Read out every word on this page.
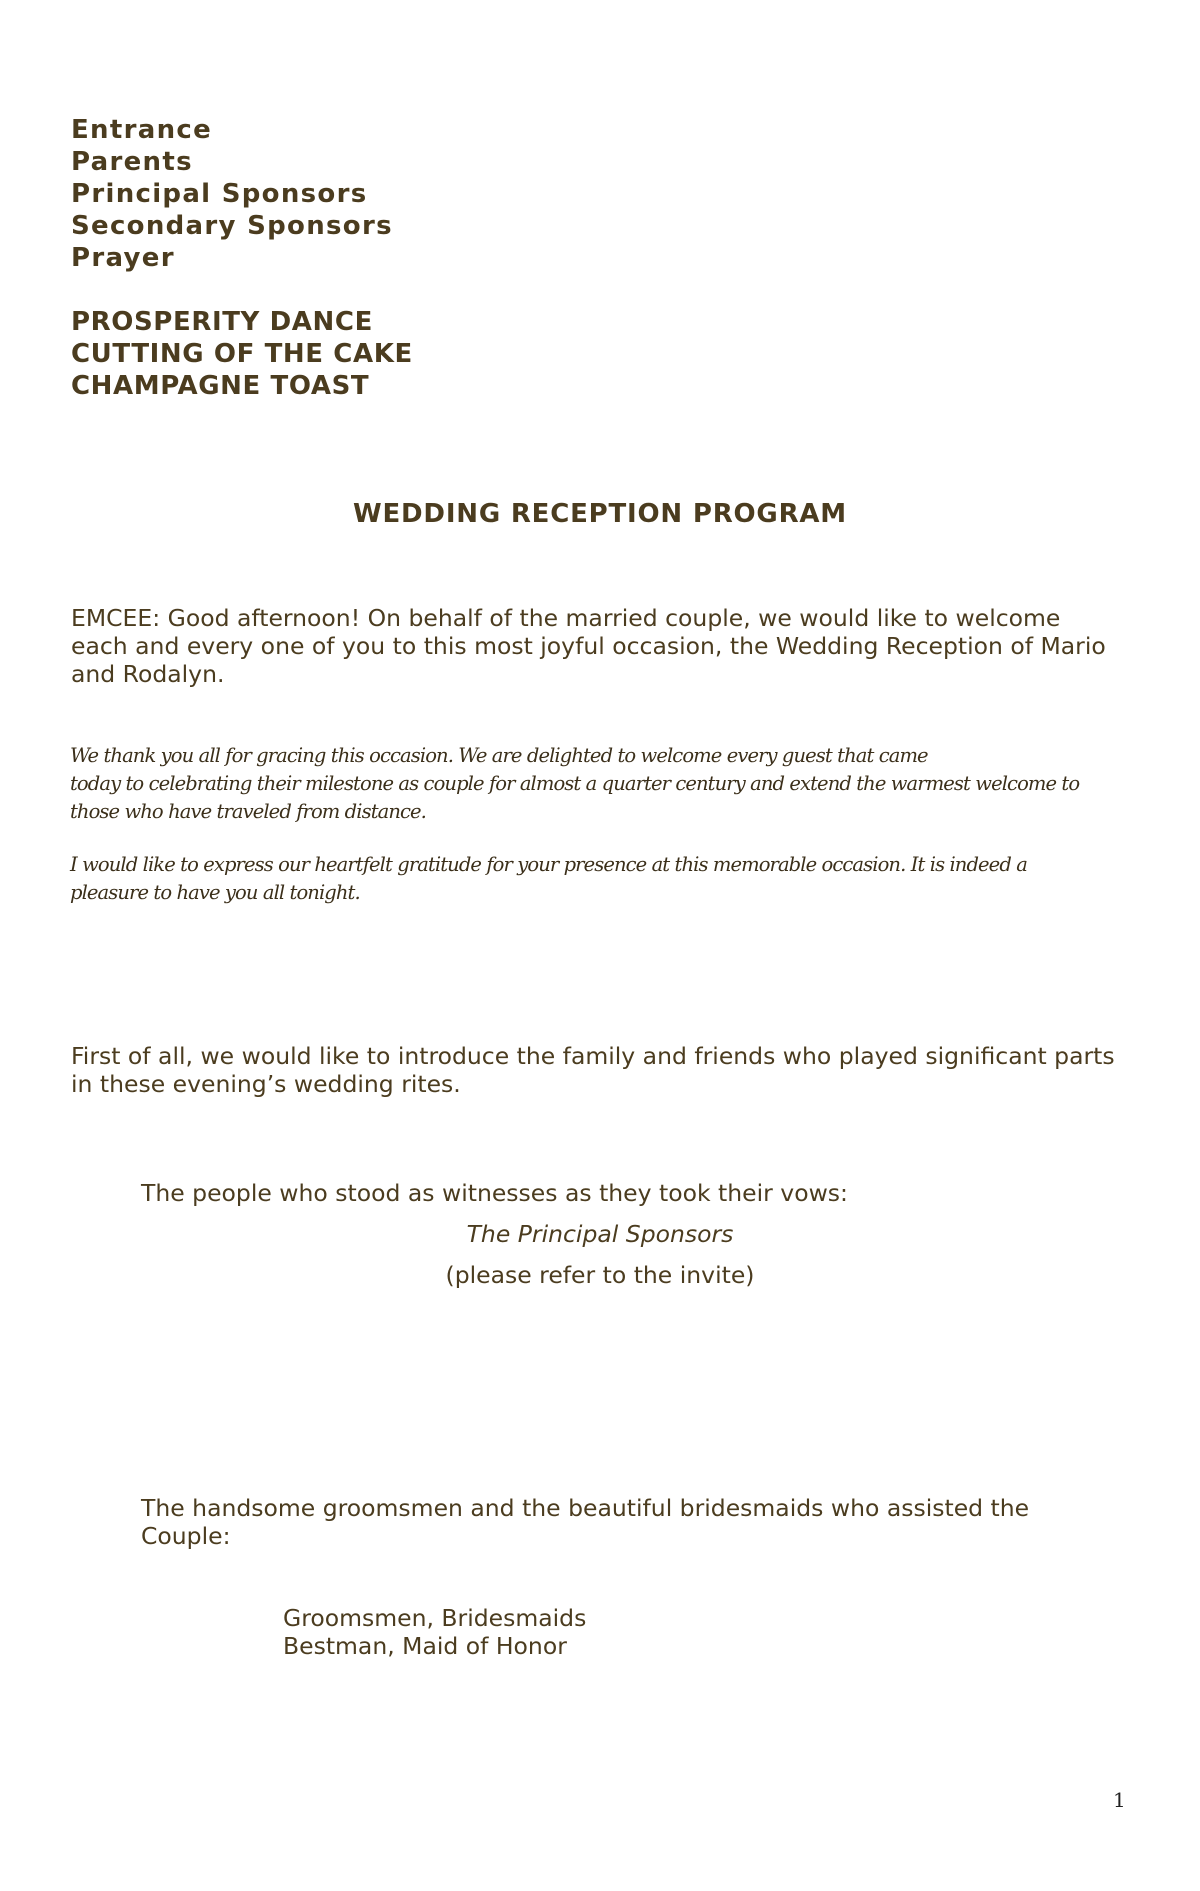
Entrance
Parents
Principal Sponsors
Secondary Sponsors
Prayer
PROSPERITY DANCE
CUTTING OF THE CAKE
CHAMPAGNE TOAST
WEDDING RECEPTION PROGRAM
EMCEE: Good afternoon! On behalf of the married couple, we would like to welcome
each and every one of you to this most joyful occasion, the Wedding Reception of Mario
and Rodalyn.
We thank you all for gracing this occasion. We are delighted to welcome every guest that came
today to celebrating their milestone as couple for almost a quarter century and extend the warmest welcome to
those who have traveled from distance.
I would like to express our heartfelt gratitude for your presence at this memorable occasion. It is indeed a
pleasure to have you all tonight.
First of all, we would like to introduce the family and friends who played significant parts
in these evening’s wedding rites.
The people who stood as witnesses as they took their vows:
The Principal Sponsors
(please refer to the invite)
The handsome groomsmen and the beautiful bridesmaids who assisted the
Couple:
Groomsmen, Bridesmaids
Bestman, Maid of Honor
1
